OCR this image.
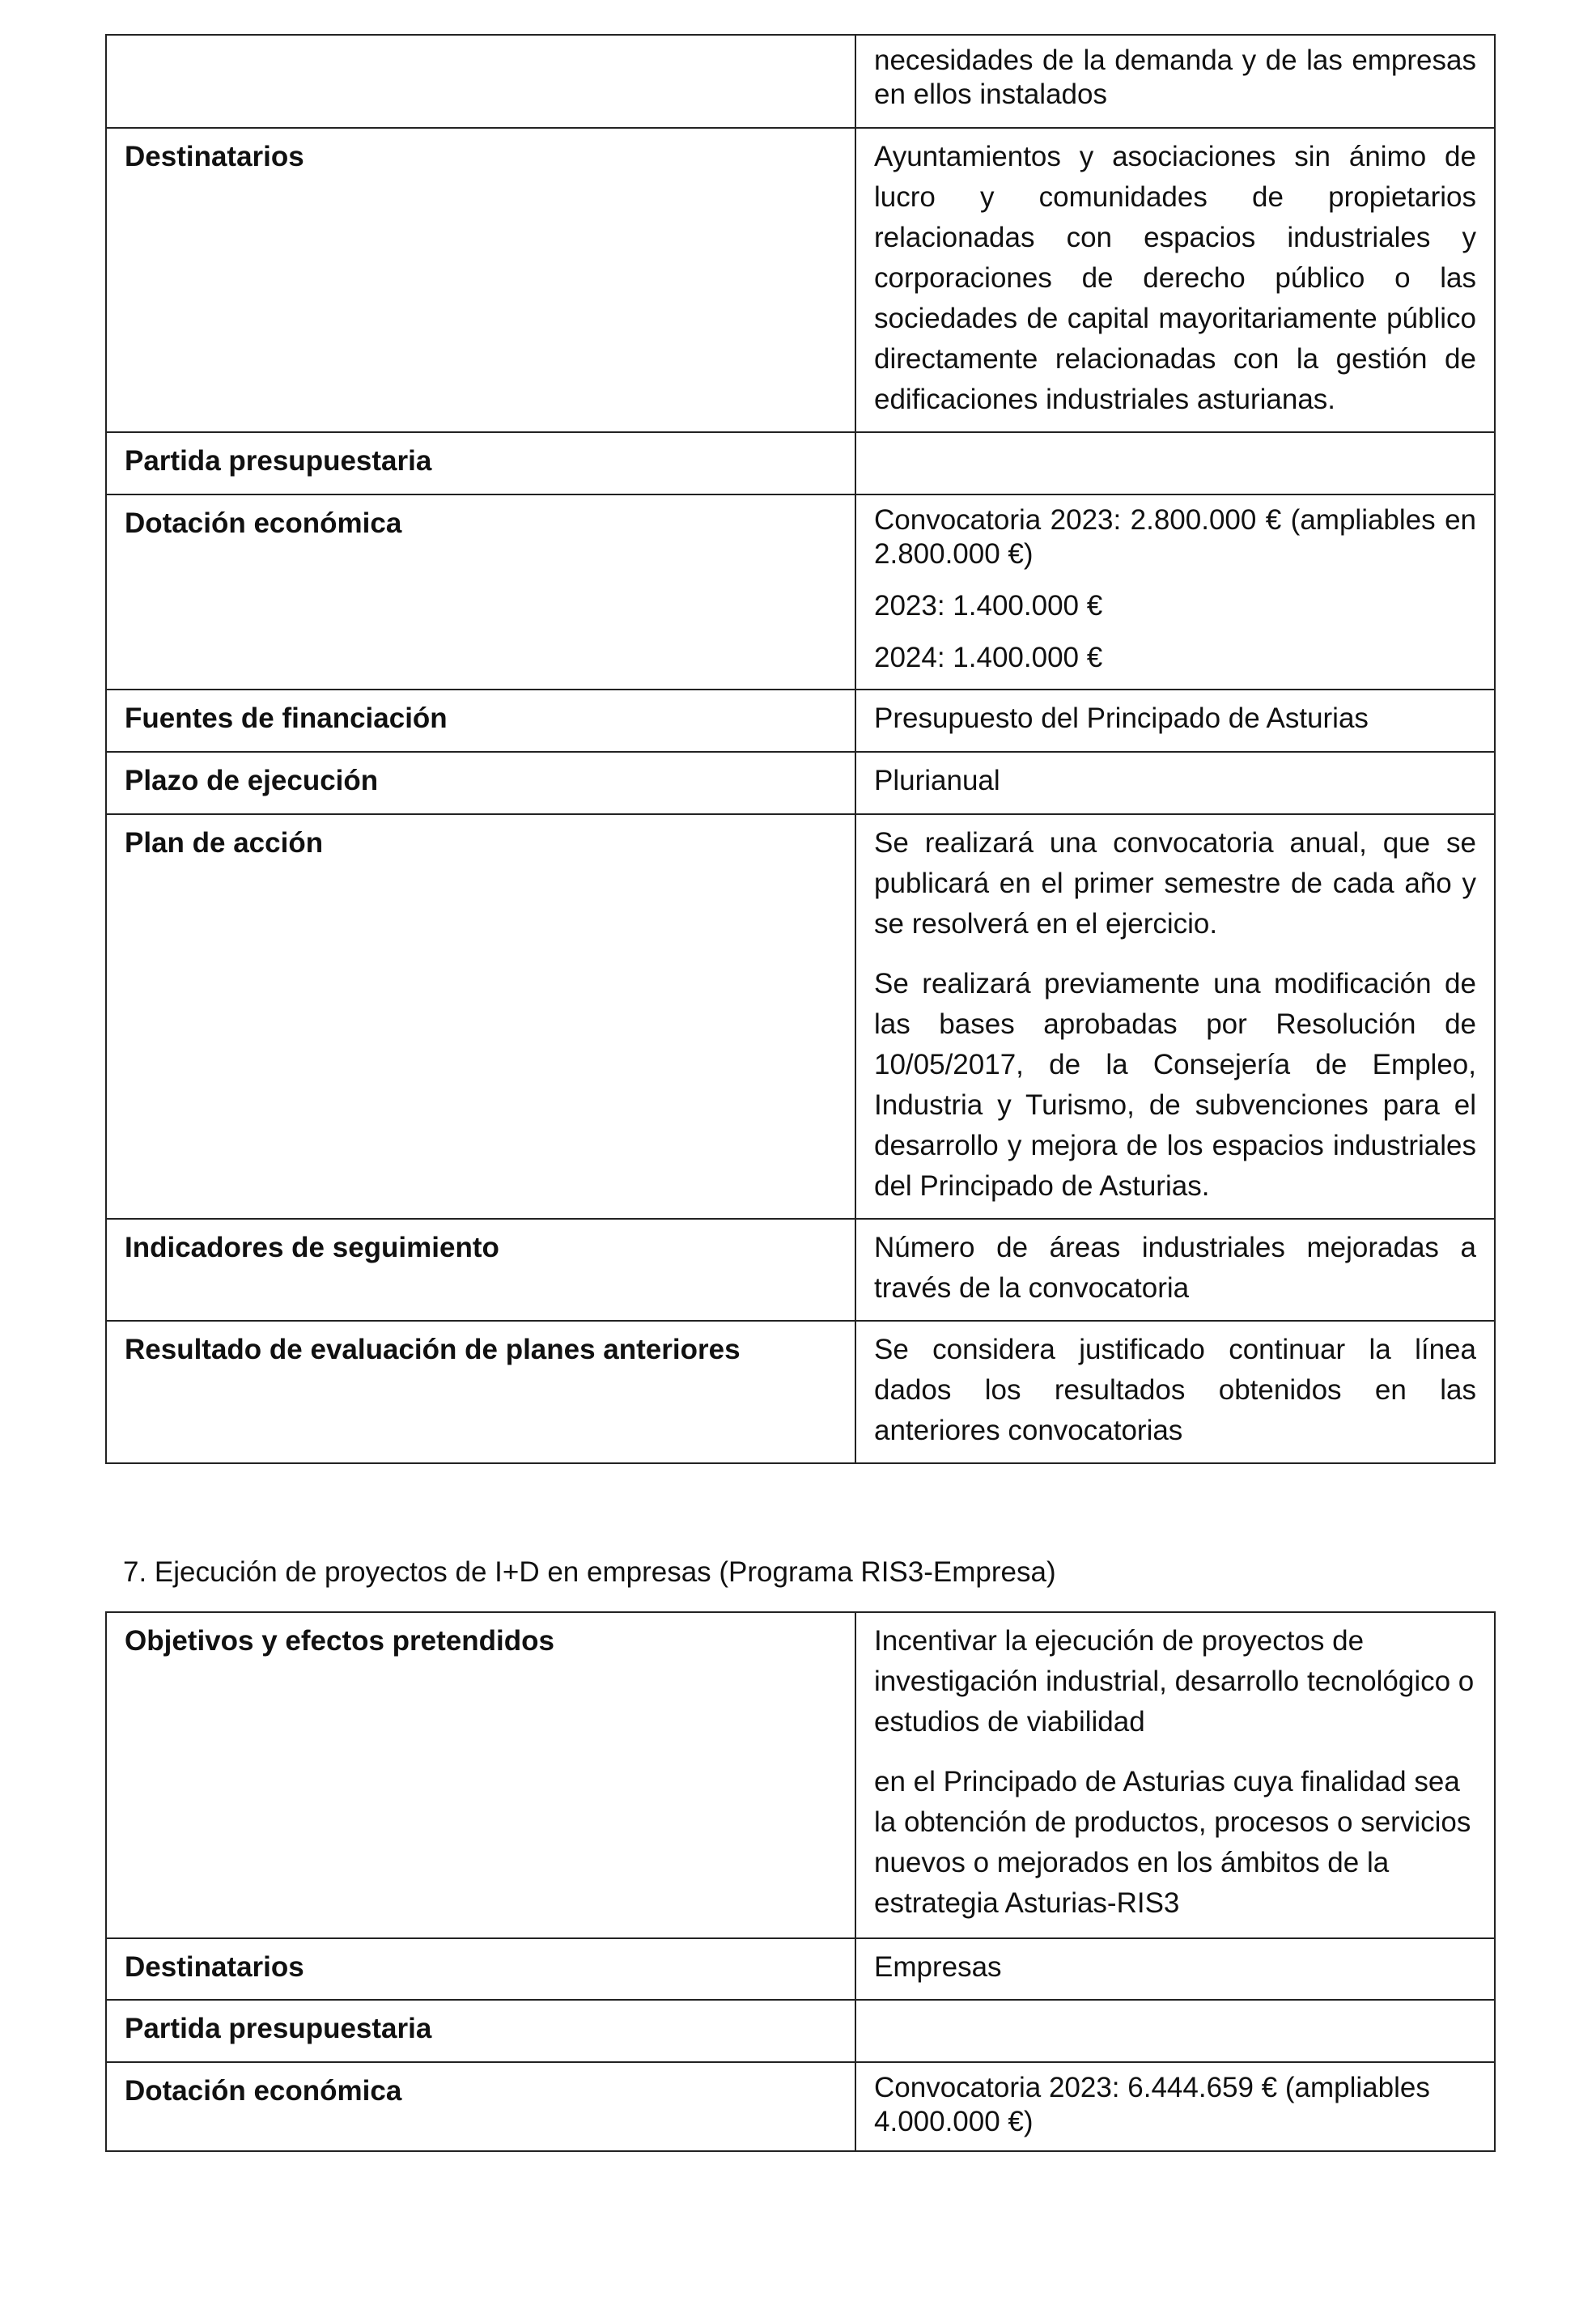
	necesidades de la demanda y de las empresas en ellos instalados

Destinatarios	Ayuntamientos y asociaciones sin ánimo de lucro y comunidades de propietarios relacionadas con espacios industriales y corporaciones de derecho público o las sociedades de capital mayoritariamente público directamente relacionadas con la gestión de edificaciones industriales asturianas.

Partida presupuestaria	

Dotación económica	Convocatoria 2023: 2.800.000 € (ampliables en 2.800.000 €)

2023: 1.400.000 €

2024: 1.400.000 €

Fuentes de financiación	Presupuesto del Principado de Asturias

Plazo de ejecución	Plurianual

Plan de acción	Se realizará una convocatoria anual, que se publicará en el primer semestre de cada año y se resolverá en el ejercicio.

Se realizará previamente una modificación de las bases aprobadas por Resolución de 10/05/2017, de la Consejería de Empleo, Industria y Turismo, de subvenciones para el desarrollo y mejora de los espacios industriales del Principado de Asturias.

Indicadores de seguimiento	Número de áreas industriales mejoradas a través de la convocatoria

Resultado de evaluación de planes anteriores	Se considera justificado continuar la línea dados los resultados obtenidos en las anteriores convocatorias

7. Ejecución de proyectos de I+D en empresas (Programa RIS3-Empresa)

Objetivos y efectos pretendidos	Incentivar la ejecución de proyectos de investigación industrial, desarrollo tecnológico o estudios de viabilidad

en el Principado de Asturias cuya finalidad sea la obtención de productos, procesos o servicios nuevos o mejorados en los ámbitos de la estrategia Asturias-RIS3

Destinatarios	Empresas

Partida presupuestaria	

Dotación económica	Convocatoria 2023: 6.444.659 € (ampliables 4.000.000 €)
